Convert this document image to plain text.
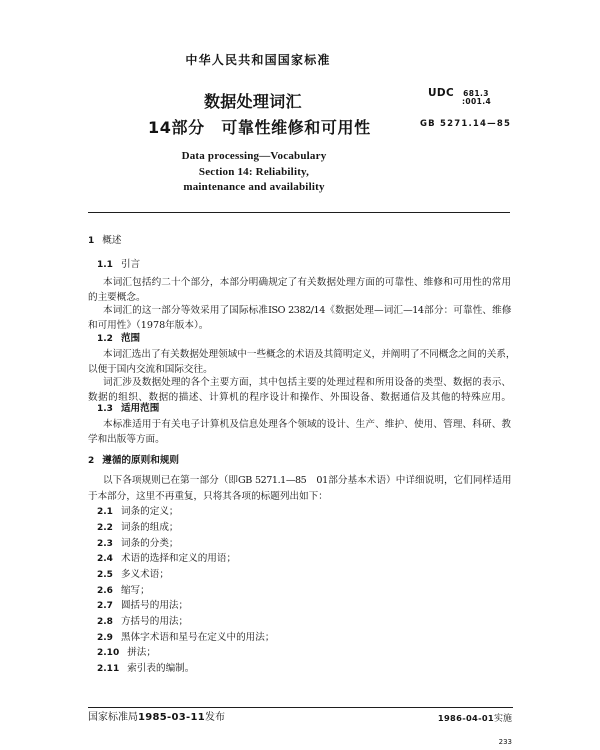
中华人民共和国国家标准
数据处理词汇
14部分　可靠性维修和可用性
UDC 681.3
:001.4
GB 5271.14—85
Data processing—Vocabulary
Section 14: Reliability,
maintenance and availability
1 概述
1.1 引言
本词汇包括约二十个部分，本部分明确规定了有关数据处理方面的可靠性、维修和可用性的常用
的主要概念。
本词汇的这一部分等效采用了国际标准ISO 2382/14《数据处理—词汇—14部分：可靠性、维修
和可用性》（1978年版本）。
1.2 范围
本词汇选出了有关数据处理领域中一些概念的术语及其简明定义，并阐明了不同概念之间的关系，
以便于国内交流和国际交往。
词汇涉及数据处理的各个主要方面，其中包括主要的处理过程和所用设备的类型、数据的表示、
数据的组织、数据的描述、计算机的程序设计和操作、外围设备、数据通信及其他的特殊应用。
1.3 适用范围
本标准适用于有关电子计算机及信息处理各个领域的设计、生产、维护、使用、管理、科研、教
学和出版等方面。
2 遵循的原则和规则
以下各项规则已在第一部分（即GB 5271.1—85　01部分基本术语）中详细说明，它们同样适用
于本部分，这里不再重复，只将其各项的标题列出如下：
2.1 词条的定义；
2.2 词条的组成；
2.3 词条的分类；
2.4 术语的选择和定义的用语；
2.5 多义术语；
2.6 缩写；
2.7 圆括号的用法；
2.8 方括号的用法；
2.9 黑体字术语和星号在定义中的用法；
2.10 拼法；
2.11 索引表的编制。
国家标准局1985-03-11发布	1986-04-01实施
233
